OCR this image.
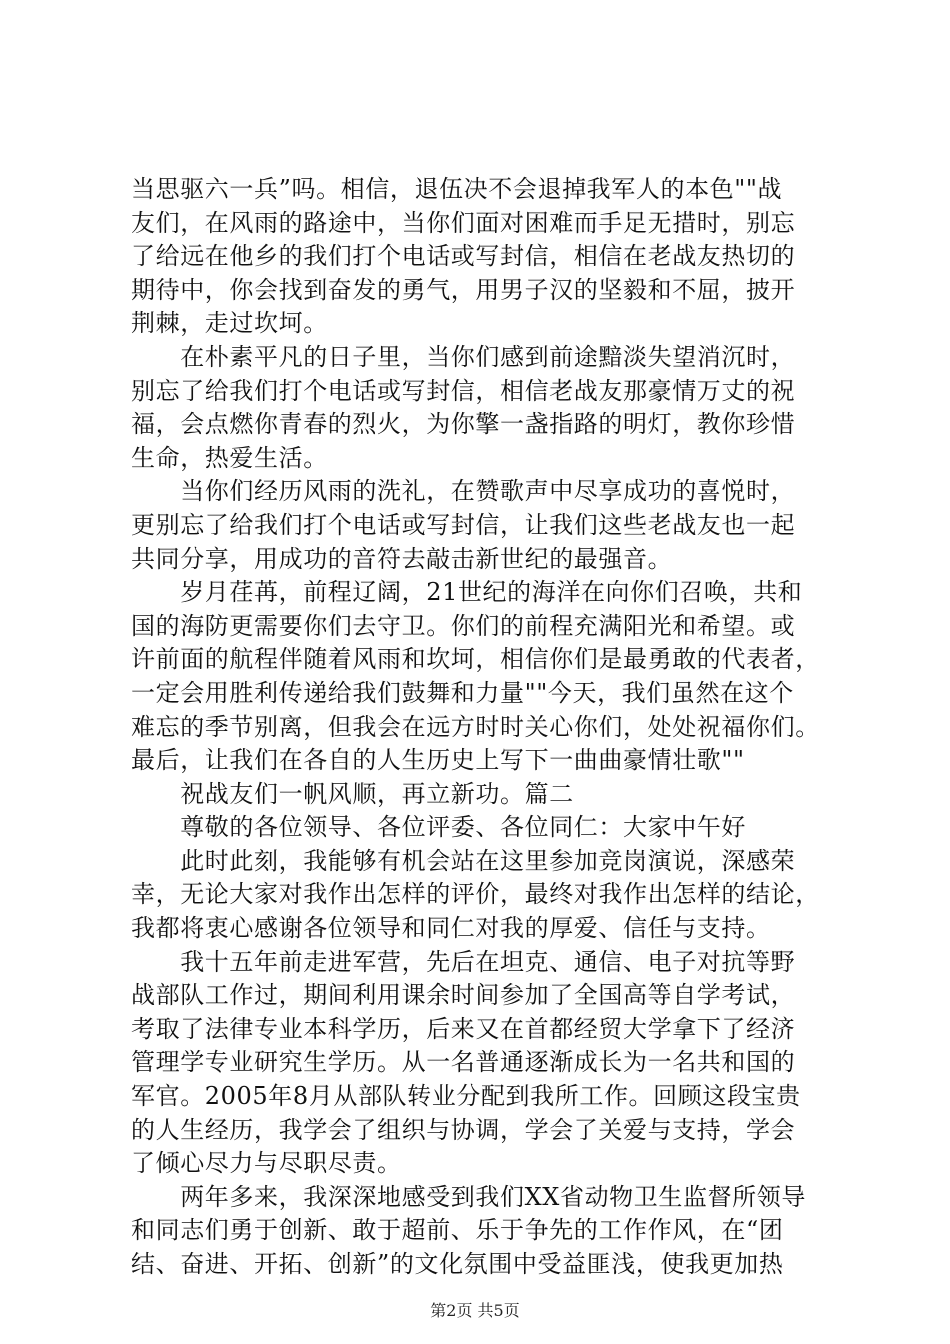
当思驱六一兵”吗。相信，退伍决不会退掉我军人的本色""战
友们，在风雨的路途中，当你们面对困难而手足无措时，别忘
了给远在他乡的我们打个电话或写封信，相信在老战友热切的
期待中，你会找到奋发的勇气，用男子汉的坚毅和不屈，披开
荆棘，走过坎坷。
　　在朴素平凡的日子里，当你们感到前途黯淡失望消沉时，
别忘了给我们打个电话或写封信，相信老战友那豪情万丈的祝
福，会点燃你青春的烈火，为你擎一盏指路的明灯，教你珍惜
生命，热爱生活。
　　当你们经历风雨的洗礼，在赞歌声中尽享成功的喜悦时，
更别忘了给我们打个电话或写封信，让我们这些老战友也一起
共同分享，用成功的音符去敲击新世纪的最强音。
　　岁月荏苒，前程辽阔，21世纪的海洋在向你们召唤，共和
国的海防更需要你们去守卫。你们的前程充满阳光和希望。或
许前面的航程伴随着风雨和坎坷，相信你们是最勇敢的代表者，
一定会用胜利传递给我们鼓舞和力量""今天，我们虽然在这个
难忘的季节别离，但我会在远方时时关心你们，处处祝福你们。
最后，让我们在各自的人生历史上写下一曲曲豪情壮歌""
　　祝战友们一帆风顺，再立新功。篇二
　　尊敬的各位领导、各位评委、各位同仁：大家中午好
　　此时此刻，我能够有机会站在这里参加竞岗演说，深感荣
幸，无论大家对我作出怎样的评价，最终对我作出怎样的结论，
我都将衷心感谢各位领导和同仁对我的厚爱、信任与支持。
　　我十五年前走进军营，先后在坦克、通信、电子对抗等野
战部队工作过，期间利用课余时间参加了全国高等自学考试，
考取了法律专业本科学历，后来又在首都经贸大学拿下了经济
管理学专业研究生学历。从一名普通逐渐成长为一名共和国的
军官。2005年8月从部队转业分配到我所工作。回顾这段宝贵
的人生经历，我学会了组织与协调，学会了关爱与支持，学会
了倾心尽力与尽职尽责。
　　两年多来，我深深地感受到我们XX省动物卫生监督所领导
和同志们勇于创新、敢于超前、乐于争先的工作作风，在“团
结、奋进、开拓、创新”的文化氛围中受益匪浅，使我更加热
第2页 共5页
